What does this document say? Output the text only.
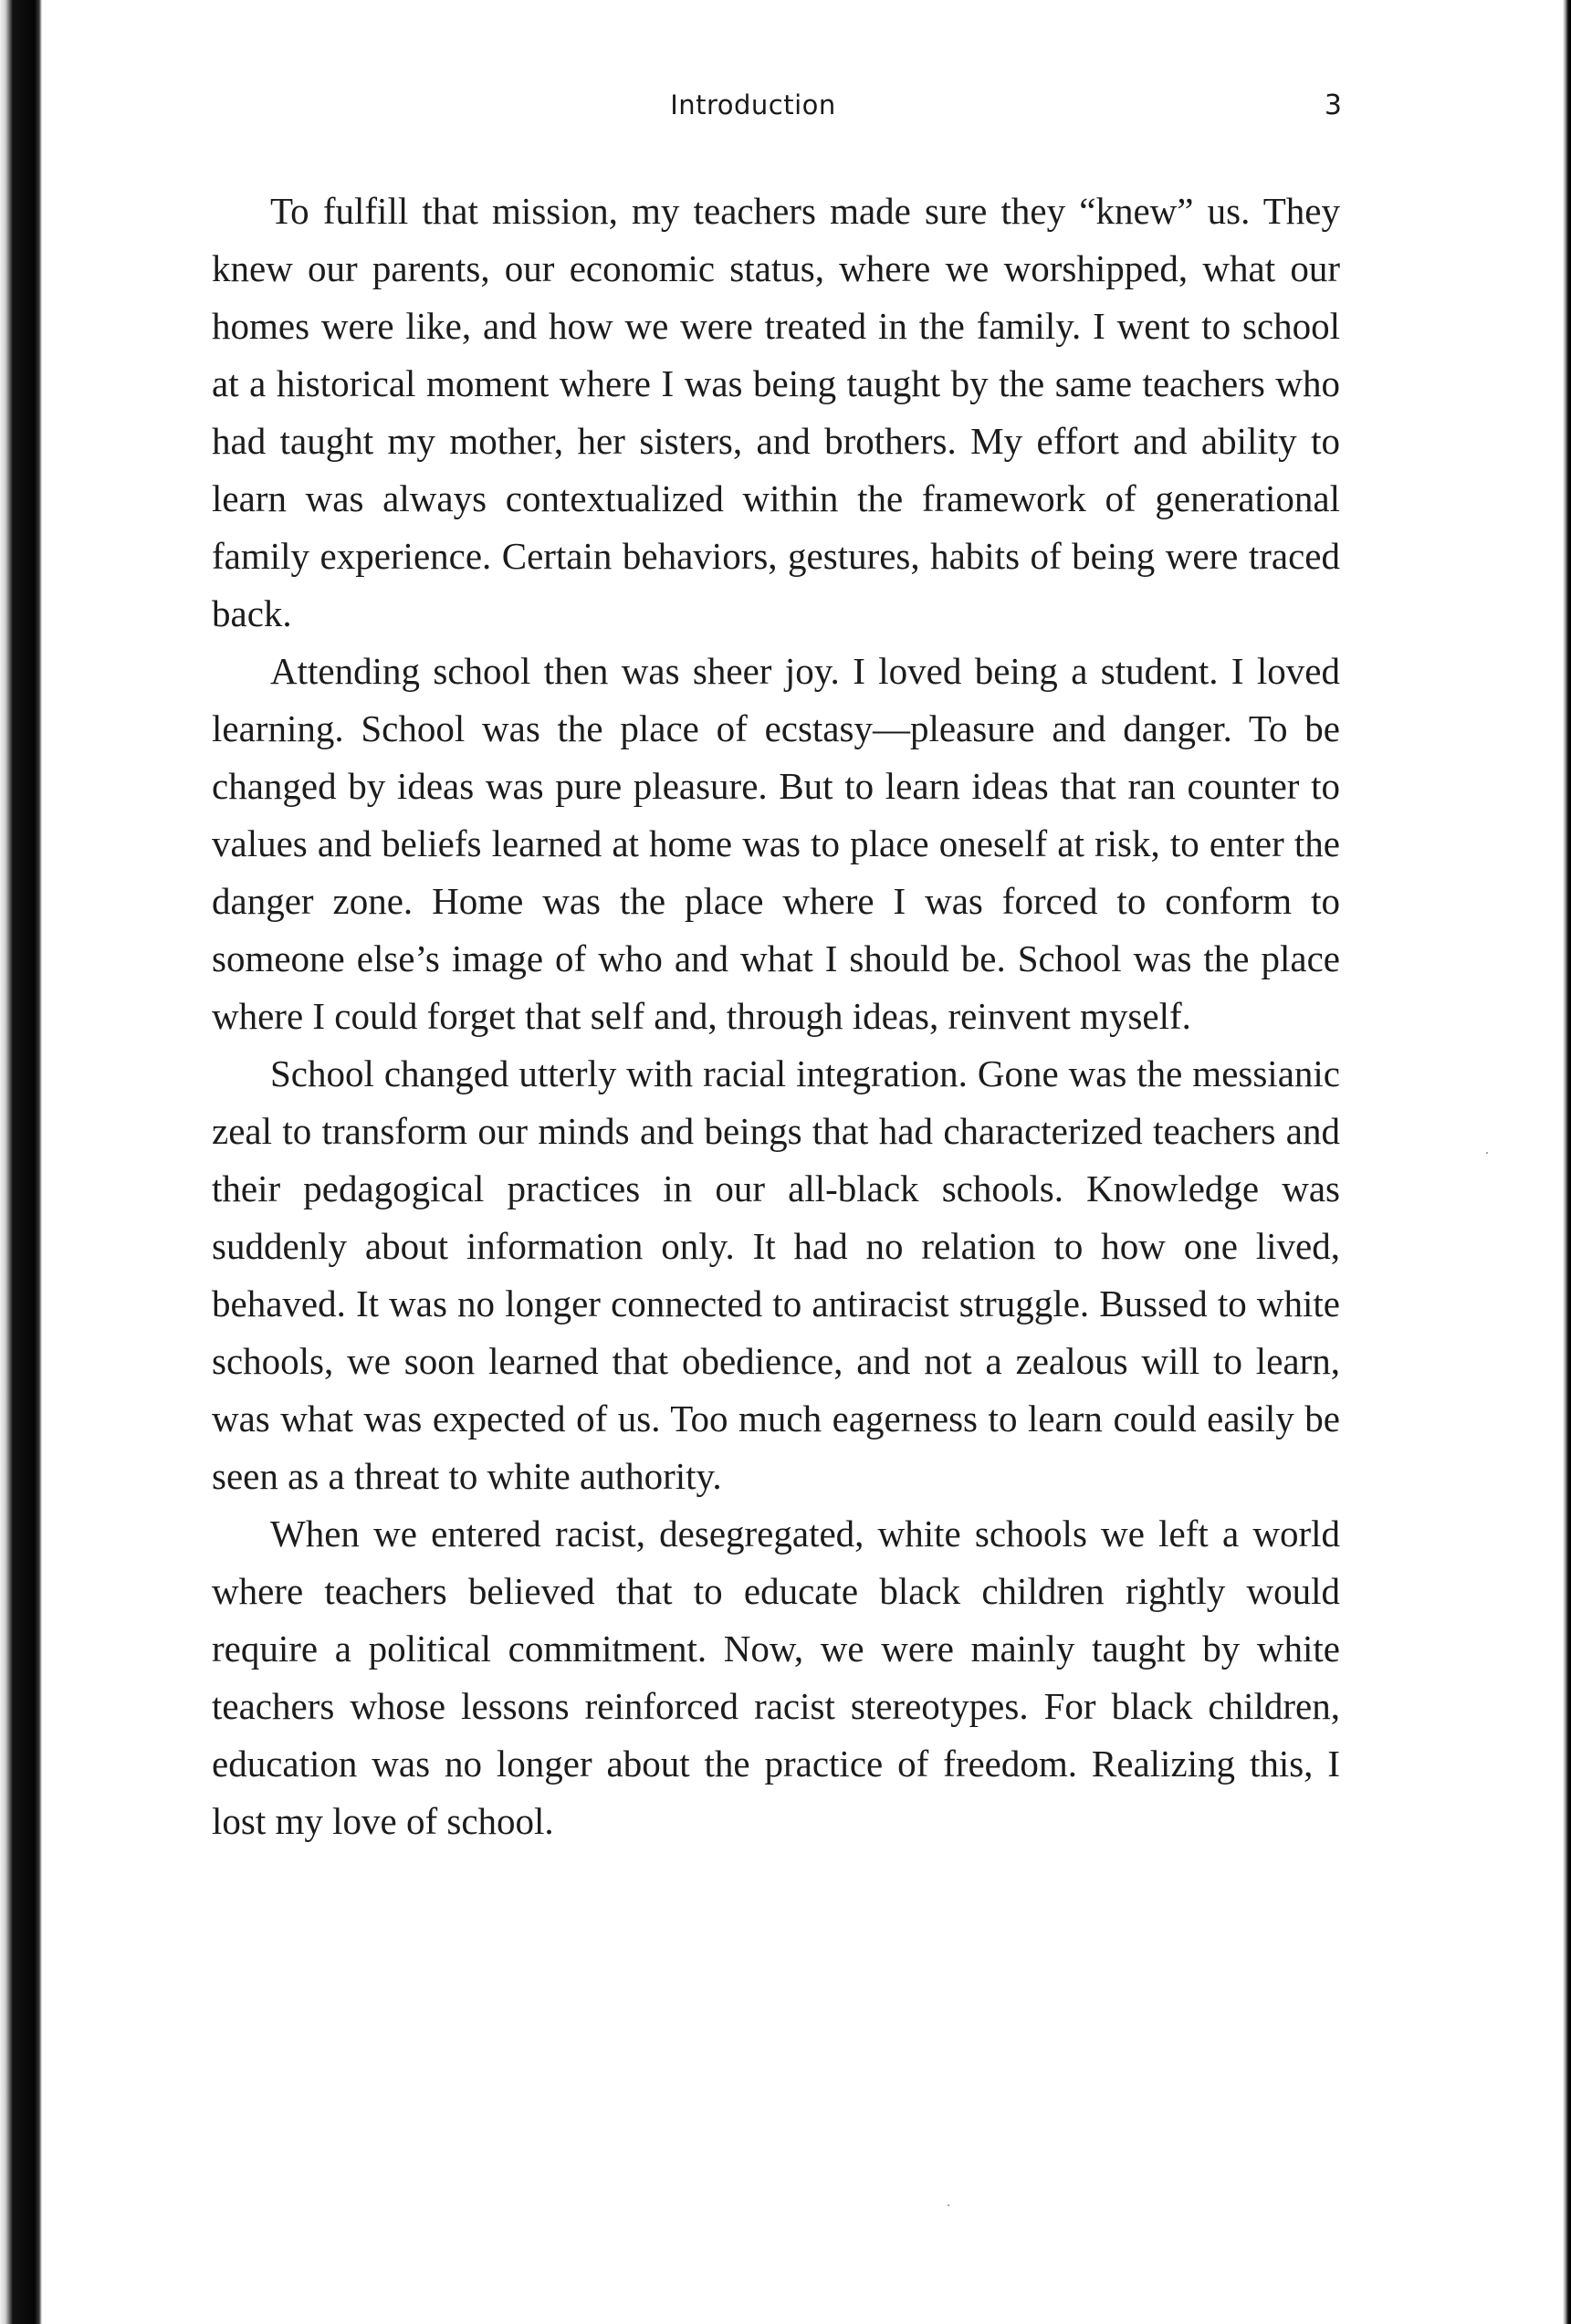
Introduction	3

To fulfill that mission, my teachers made sure they “knew” us. They knew our parents, our economic status, where we worshipped, what our homes were like, and how we were treated in the family. I went to school at a historical moment where I was being taught by the same teachers who had taught my mother, her sisters, and brothers. My effort and ability to learn was always contextualized within the framework of generational family experience. Certain behaviors, gestures, habits of being were traced back.

Attending school then was sheer joy. I loved being a student. I loved learning. School was the place of ecstasy—pleasure and danger. To be changed by ideas was pure pleasure. But to learn ideas that ran counter to values and beliefs learned at home was to place oneself at risk, to enter the danger zone. Home was the place where I was forced to conform to someone else’s image of who and what I should be. School was the place where I could forget that self and, through ideas, reinvent myself.

School changed utterly with racial integration. Gone was the messianic zeal to transform our minds and beings that had characterized teachers and their pedagogical practices in our all-black schools. Knowledge was suddenly about information only. It had no relation to how one lived, behaved. It was no longer connected to antiracist struggle. Bussed to white schools, we soon learned that obedience, and not a zealous will to learn, was what was expected of us. Too much eagerness to learn could easily be seen as a threat to white authority.

When we entered racist, desegregated, white schools we left a world where teachers believed that to educate black children rightly would require a political commitment. Now, we were mainly taught by white teachers whose lessons reinforced racist stereotypes. For black children, education was no longer about the practice of freedom. Realizing this, I lost my love of school.
